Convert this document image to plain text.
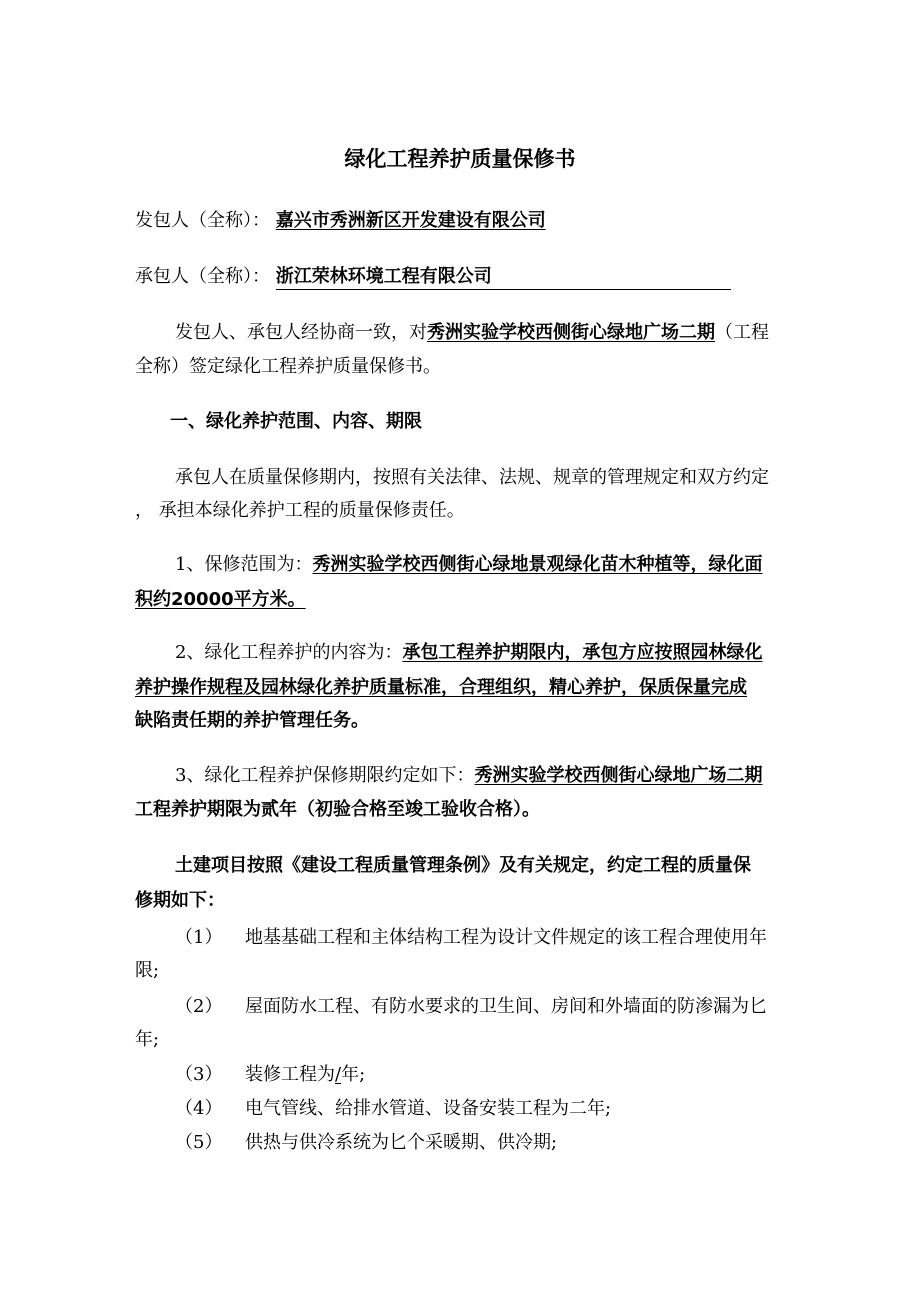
绿化工程养护质量保修书
发包人（全称）： 嘉兴市秀洲新区开发建设有限公司
承包人（全称）： 浙江荣林环境工程有限公司
发包人、承包人经协商一致，对秀洲实验学校西侧街心绿地广场二期（工程
全称）签定绿化工程养护质量保修书。
一、绿化养护范围、内容、期限
承包人在质量保修期内，按照有关法律、法规、规章的管理规定和双方约定
， 承担本绿化养护工程的质量保修责任。
1、保修范围为：秀洲实验学校西侧街心绿地景观绿化苗木种植等，绿化面
积约20000平方米。
2、绿化工程养护的内容为：承包工程养护期限内，承包方应按照园林绿化
养护操作规程及园林绿化养护质量标准，合理组织，精心养护，保质保量完成
缺陷责任期的养护管理任务。
3、绿化工程养护保修期限约定如下：秀洲实验学校西侧街心绿地广场二期
工程养护期限为贰年（初验合格至竣工验收合格）。
土建项目按照《建设工程质量管理条例》及有关规定，约定工程的质量保
修期如下：
（1） 地基基础工程和主体结构工程为设计文件规定的该工程合理使用年
限;
（2） 屋面防水工程、有防水要求的卫生间、房间和外墙面的防渗漏为匕
年;
（3） 装修工程为/年;
（4） 电气管线、给排水管道、设备安装工程为二年;
（5） 供热与供冷系统为匕个采暖期、供冷期;
